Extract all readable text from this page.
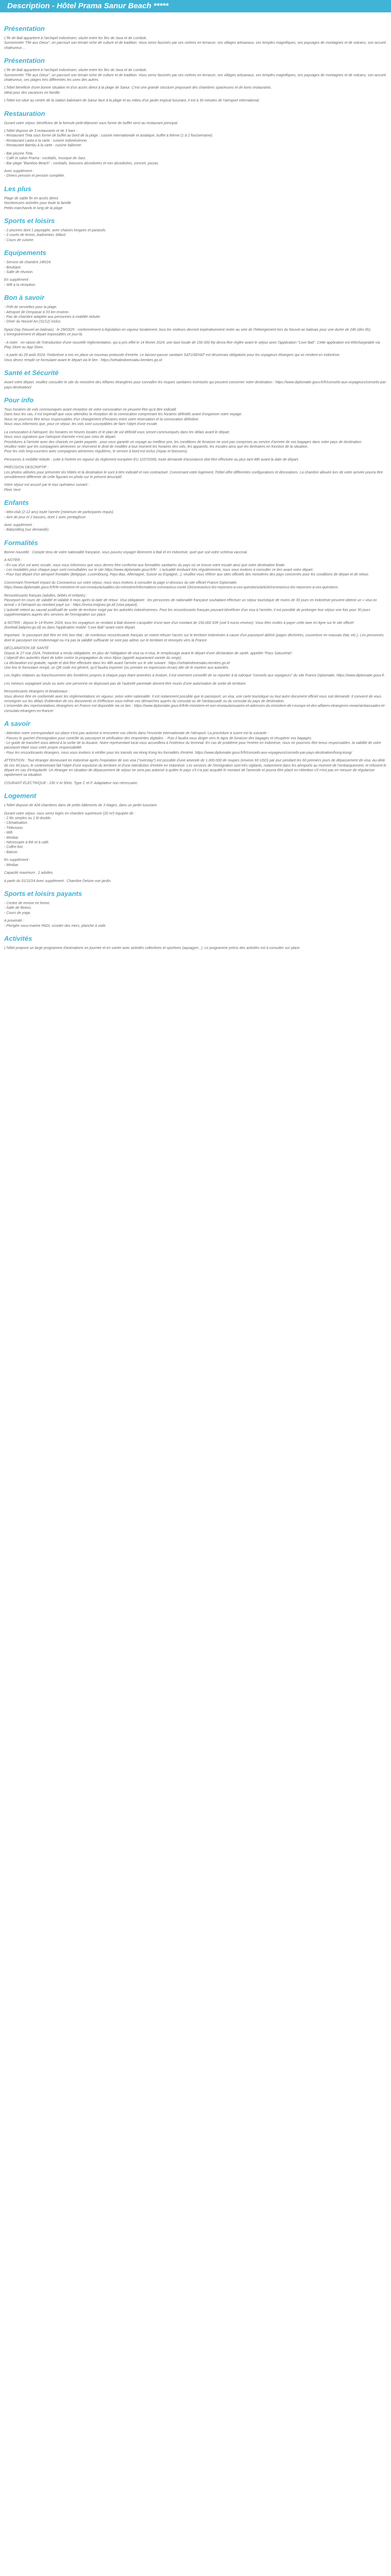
Description - Hôtel Prama Sanur Beach *****
Présentation

L'île de Bali appartient à l'archipel indonésien, située entre les îles de Java et de Lombok.
Surnommée "l'île aux Dieux", on parcourt son terrain riche de culture et de tradition. Vous serez fascinés par ses rizières en terrasse, ses villages artisanaux, ses temples magnifiques, ses paysages de montagnes et de volcans, son accueil chaleureux ...

Présentation

L'île de Bali appartient à l'archipel indonésien, située entre les îles de Java et de Lombok.
Surnommée "l'île aux Dieux", on parcourt son terrain riche de culture et de tradition. Vous serez fascinés par ses rizières en terrasse, ses villages artisanaux, ses temples magnifiques, ses paysages de montagnes et de volcans, son accueil chaleureux, ses plages très différentes les unes des autres.

L'hôtel bénéficie d'une bonne situation et d'un accès direct à la plage de Sanur. C'est une grande structure proposant des chambres spacieuses et de bons restaurants.
Idéal pour des vacances en famille.

L'hôtel est situé au centre de la station balnéaire de Sanur face à la plage et au milieu d'un jardin tropical luxuriant, il est à 30 minutes de l'aéroport international.

Restauration

Durant votre séjour, bénéficiez de la formule petit-déjeuner sous forme de buffet servi au restaurant principal.

L'hôtel dispose de 3 restaurants et de 3 bars :
- Restaurant Tirta sous forme de buffet au bord de la plage : cuisine internationale et asiatique, buffet à thème (1 à 2 fois/semaine).
- Restaurant Laota à la carte : cuisine indonésienne.
- Restaurant Bambu à la carte : cuisine italienne.

- Bar piscine Tirta.
- Café et salon Prama : cocktails, musique de Jazz.
- Bar plage "Bamboo Beach" : cocktails, boissons alcoolisées et non alcoolisées, concert, pizzas.

Avec supplément :
- Dîners pension et pension complète.

Les plus

Plage de sable fin en accès direct
Nombreuses activités pour toute la famille
Petits-marchands le long de la plage

Sports et loisirs

- 2 piscines dont 1 paysagée, avec chaises longues et parasols.
- 2 courts de tennis, badminton, billard.
- Cours de cuisine.

Equipements

- Service de chambre 24h/24.
- Boutique.
- Salle de réunion.

En supplément :
- Wifi à la réception.

Bon à savoir

- Prêt de serviettes pour la plage.
- Aéroport de Denpasar à 33 km environ.
- Pas de chambre adaptée aux personnes à mobilité réduite.
- Dîner du Nouvel An (31/12) inclus.

Nyepi Day (Nouvel an balinais) : le 29/03/25 : conformément à législation en vigueur localement, tous les visiteurs devront impérativement rester au sein de l'hébergement lors du Nouvel an balinais pour une durée de 24h (dès 6h). L'enregistrement et départ impossibles ce jour-là.

- A noter : en raison de l'introduction d'une nouvelle réglementation, qui a pris effet le 14 février 2024, une taxe locale de 150 000 Rp devra être réglée avant le séjour avec l'application "Love Bali". Cette application est téléchargeable via Play Store ou App Store.

- A partir du 29 août 2024, l'Indonésie a mis en place un nouveau protocole d'entrée. Le laissez-passer sanitaire SATUSEHAT est désormais obligatoire pour les voyageurs étrangers qui se rendent en Indonésie.
Vous devez remplir ce formulaire avant le départ via le lien : https://sehatindonesiaku.kemkes.go.id

Santé et Sécurité

Avant votre départ, veuillez consulter le site du ministère des Affaires étrangères pour connaître les risques sanitaires éventuels qui peuvent concerner votre destination : https://www.diplomatie.gouv.fr/fr/conseils-aux-voyageurs/conseils-par-pays-destination/

Pour info

Tous horaires de vols communiqués avant réception de votre convocation ne peuvent être qu'à titre indicatif.
Dans tous les cas, il est impératif que vous attendiez la réception de la convocation comprenant les horaires définitifs avant d'organiser votre voyage.
Nous ne pourrons être tenus responsables d'un changement d'horaires entre votre réservation et la convocation définitive.
Nous vous informons que, pour ce séjour, les vols sont susceptibles de faire l'objet d'une escale.

La convocation à l'aéroport, les horaires en heures locales et le plan de vol définitif vous seront communiqués dans les délais avant le départ.
Nous vous signalons que l'aéroport d'arrivée n'est pas celui de départ.
Procédures à l'arrivée avec des chariots en partie payants : pour vous garantir un voyage au meilleur prix, les conditions de livraison ne sont pas comprises au service d'arrivée de vos bagages dans votre pays de destination.
Veuillez noter que les compagnies aériennes se réservent le droit de modifier à tout moment les horaires des vols, les appareils, les escales ainsi que les itinéraires en fonction de la situation.
Pour les vols long-courriers avec compagnies aériennes régulières, le service à bord est inclus (repas et boissons).

Personnes à mobilité réduite : suite à l'entrée en vigueur du règlement européen EU 1107/2006, toute demande d'assistance doit être effectuée au plus tard 48h avant la date de départ.

PRÉCISION DESCRIPTIF :
Les photos utilisées pour présenter les hôtels et la destination le sont à titre indicatif et non contractuel. Concernant votre logement, l'hôtel offre différentes configurations et décorations. La chambre allouée lors de votre arrivée pourra être sensiblement différente de celle figurant en photo sur le présent descriptif.

Votre séjour est assuré par le tour opérateur suivant :
Plein Vent

Enfants

- Mini-club (2-12 ans) toute l'année (minimum de participants requis).
- Aire de jeux et 2 bassins, dont 1 avec pentaglisse.

Avec supplément :
- Babysitting (sur demande).

Formalités

Bonne nouvelle : Compte tenu de votre nationalité française, vous pouvez voyager librement à Bali et en Indonésie, quel que soit votre schéma vaccinal.

A NOTER :
- En cas d'un vol avec escale, nous vous informons que vous devrez être conforme aux formalités sanitaires du pays où se trouve votre escale ainsi que votre destination finale.
- Les modalités pour chaque pays sont consultables sur le site https://www.diplomatie.gouv.fr/fr/ . L'actualité évoluant très régulièrement, nous vous invitons à consulter ce lien avant votre départ.
- Pour tout départ d'un aéroport frontalier (Belgique, Luxembourg, Pays-Bas, Allemagne, Suisse ou Espagne...), veuillez vous référer aux sites officiels des ministères des pays concernés pour les conditions de départ et de retour.

Concernant l'éventuel impact du Coronavirus sur votre séjour, nous vous invitons à consulter la page ci-dessous du site officiel France Diplomatie.
https://www.diplomatie.gouv.fr/fr/le-ministere-et-son-reseau/actualites-du-ministere/informations-coronavirus-covid-19/coronavirus-les-reponses-a-vos-questions/article/coronavirus-les-reponses-a-vos-questions

Ressortissants français (adultes, bébés et enfants) :
Passeport en cours de validité et valable 6 mois après la date de retour. Visa obligatoire : les personnes de nationalité française souhaitant effectuer un séjour touristique de moins de 30 jours en Indonésie peuvent obtenir un « visa on arrival » à l'aéroport au montant payé sur : https://evisa.imigrasi.go.id/ (visa payant).
L'autorité retient au saurait justificatif de sortie de territoire exigé par les autorités indonésiennes. Pour les ressortissants français pouvant bénéficier d'un visa à l'arrivée, il est possible de prolonger leur séjour une fois pour 30 jours supplémentaires auprès des services de l'immigration sur place.

A NOTER : depuis le 14 février 2024, tous les voyageurs se rendant à Bali doivent s'acquitter d'une taxe d'un montant de 150.000 IDR (soit 9 euros environ). Vous êtes invités à payer cette taxe en ligne sur le site officiel (lovebali.baliprov.go.id) ou dans l'application mobile "Love Bali" avant votre départ.

Important : le passeport doit être en très bon état ; de nombreux ressortissants français se voient refuser l'accès sur le territoire indonésien à cause d'un passeport abîmé (pages déchirées, couverture en mauvais état, etc.). Les personnes dont le passeport est endommagé ou n'a pas la validité suffisante se sont pas admis sur le territoire et renvoyés vers la France.

DÉCLARATION DE SANTÉ
Depuis le 27 mai 2024, l'Indonésie a rendu obligatoire, en plus de l'obligation de visa ou e-visa, le remplissage avant le départ d'une déclaration de santé, appelée "Pass Satusehat".
L'objectif des autorités étant de lutter contre la propagation du virus Mpox (appelé auparavant variole du singe).
La déclaration est gratuite, rapide et doit être effectuée dans les 48h avant l'arrivée sur le site suivant : https://sehatindonesiaku.kemkes.go.id
Une fois le formulaire rempli, un QR code est généré, qu'il faudra imprimer (ou prendre en impression écran) afin de le montrer aux autorités.

Les règles relatives au franchissement des frontières propres à chaque pays étant amenées à évoluer, il est vivement conseillé de se reporter à la rubrique "conseils aux voyageurs" du site France Diplomatie, https://www.diplomatie.gouv.fr.

Les mineurs voyageant seuls ou avec une personne ne disposant pas de l'autorité parentale doivent être munis d'une autorisation de sortie de territoire.

Ressortissants étrangers et binationaux :
Vous devrez être en conformité avec les réglementations en vigueur, selon votre nationalité. Il est notamment possible que le passeport, un visa, une carte touristique ou tout autre document officiel vous soit demandé. Il convient de vous renseigner sur les délais d'obtention de ces documents et d'effectuer vous-même vos démarches auprès du consulat ou de l'ambassade ou du consulat du pays de destination.
L'ensemble des représentations étrangères en France est disponible via ce lien : https://www.diplomatie.gouv.fr/fr/le-ministere-et-son-reseau/annuaires-et-adresses-du-ministere-de-l-europe-et-des-affaires-etrangeres-meae/ambassades-et-consulats-etrangers-en-france/

A savoir

- Attention notre correspondant sur place n'est pas autorisé à rencontrer vos clients dans l'enceinte internationale de l'aéroport. La procédure à suivre est la suivante :
- Passez le guichet d'immigration pour contrôle du passeport et vérification des empreintes digitales. - Puis il faudra vous diriger vers le tapis de livraison des bagages et récupérer vos bagages.
- Le guide de transfert vous attend à la sortie de la douane. Notre représentant local vous accueillera à l'extérieur du terminal. En cas de problème pour l'entrée en Indonésie, nous ne pourrons être tenus responsables. la validité de votre passeport étant sous votre propre responsabilité.
- Pour les ressortissants étrangers, nous vous invitons à vérifier pour les transits via Hong Kong les formalités d'entrée. https://www.diplomatie.gouv.fr/fr/conseils-aux-voyageurs/conseils-par-pays-destination/hong-kong/

ATTENTION : Tout étranger demeurant en Indonésie après l'expiration de son visa ("overstay") est possible d'une amende de 1.000.000 de roupies (environ 60 USD) par jour pendant les 60 premiers jours de dépassement de visa. Au-delà de ces 60 jours, le contrevenant fait l'objet d'une expulsion du territoire et d'une interdiction d'entrée en Indonésie. Les services de l'immigration sont très vigilants, notamment dans les aéroports au moment de l'embarquement, et refusent le départ en cas d'irrégularité. Un étranger en situation de dépassement de séjour ne sera pas autorisé à quitter le pays s'il n'a pas acquitté le montant de l'amende et pourra être placé en rétention s'il n'est pas en mesure de régulariser rapidement sa situation.

COURANT ÉLECTRIQUE : 230 V et 50Hz. Type C et F. Adaptateur non nécessaire.

Logement

L'hôtel dispose de 428 chambres dans de petits bâtiments de 3 étages, dans un jardin luxuriant.

Durant votre séjour, vous serez logés en chambre supérieure (20 m²) équipée de :
- 2 lits simples ou 1 lit double.
- Climatisation.
- Télévision.
- Wifi.
- Minibar.
- Nécessaire à thé et à café.
- Coffre-fort.
- Balcon.

En supplément :
- Minibar.

Capacité maximum : 2 adultes.

à partir du 01/11/24 Avec supplément : Chambre Deluxe vue jardin.

Sports et loisirs payants

- Centre de remise en forme.
- Salle de fitness.
- Cours de yoga.

A proximité :
- Plongée sous-marine PADI, scooter des mers, planche à voile.

Activités

L'hôtel propose un large programme d'animations en journée et en soirée avec activités collectives et sportives (aquagym...). Le programme précis des activités est à consulter sur place.
